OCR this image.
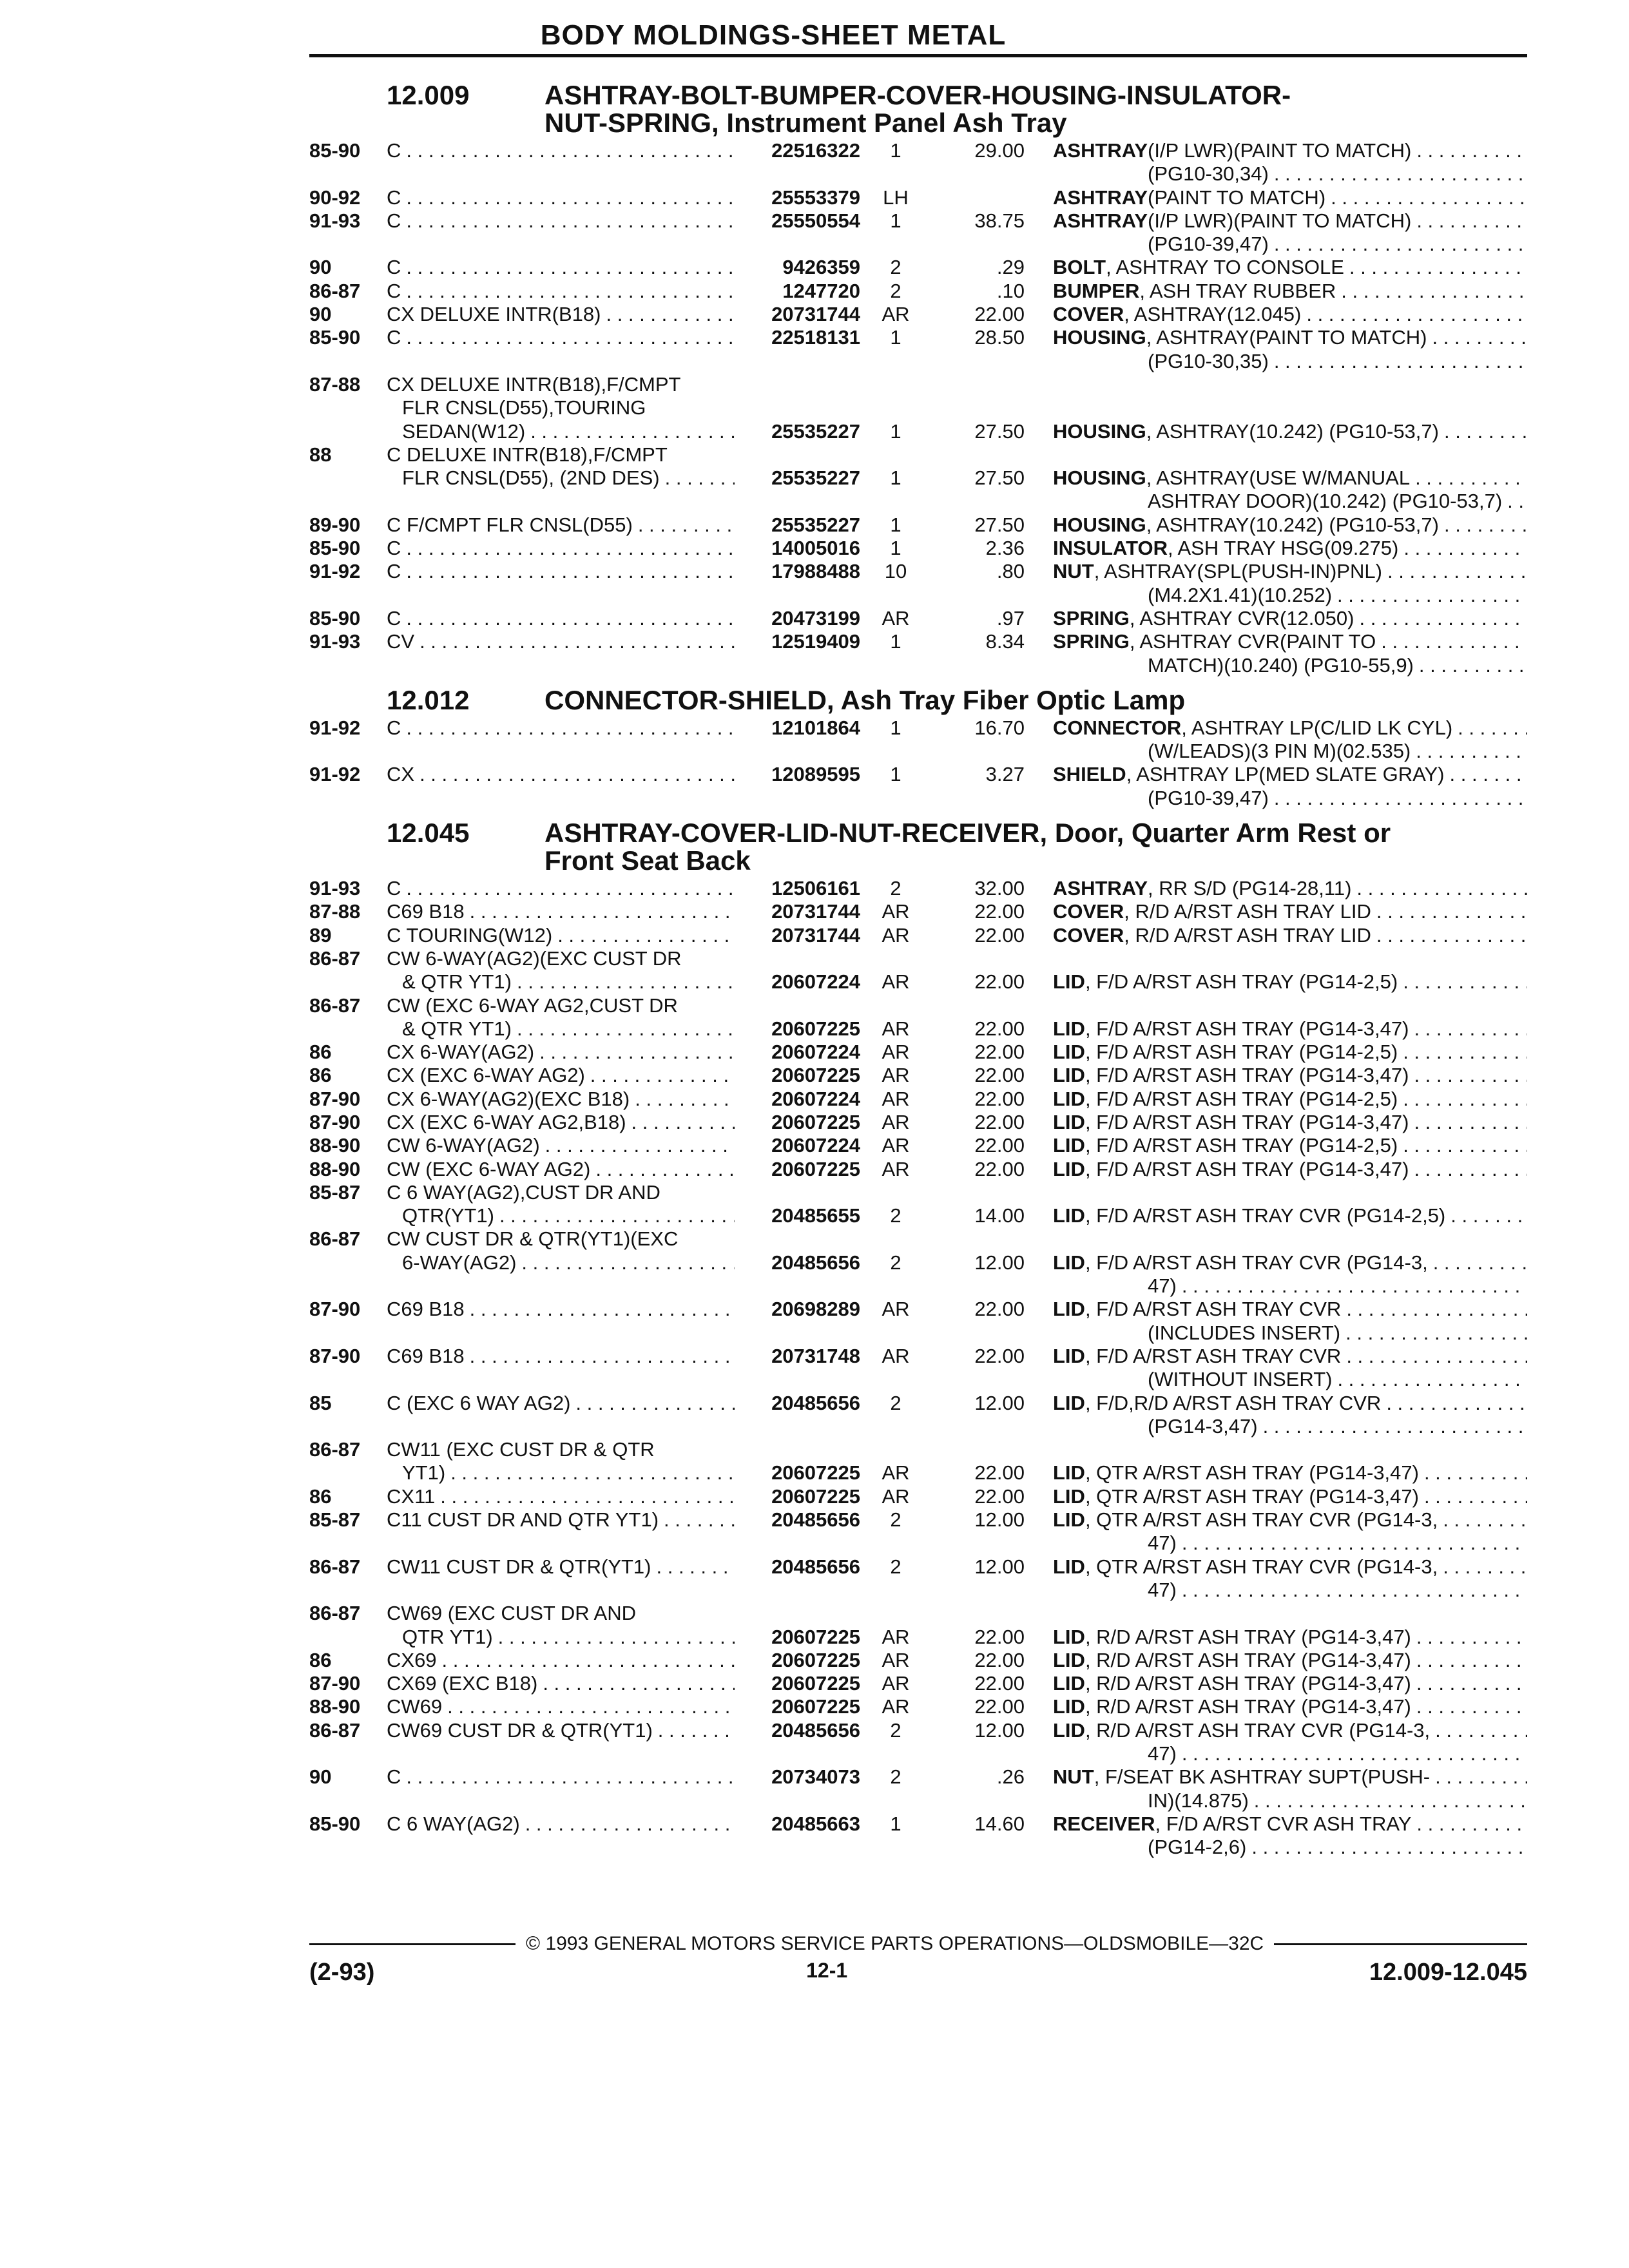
BODY MOLDINGS-SHEET METAL
12.009	ASHTRAY-BOLT-BUMPER-COVER-HOUSING-INSULATOR-
NUT-SPRING, Instrument Panel Ash Tray
85-90	C . . .	22516322	1	29.00 ASHTRAY(I/P LWR)(PAINT TO MATCH)
. . .
(PG10-30,34)
. . .
90-92	C . . .	25553379	LH	ASHTRAY(PAINT TO MATCH)
. . .
91-93	C . . .	25550554	1	38.75 ASHTRAY(I/P LWR)(PAINT TO MATCH)
. . .
(PG10-39,47)
. . .
90	C . . .	9426359	2	.29 BOLT, ASHTRAY TO CONSOLE
. . .
86-87	C . . .	1247720	2	.10 BUMPER, ASH TRAY RUBBER
. . .
90	CX DELUXE INTR(B18) . . .	20731744	AR	22.00 COVER, ASHTRAY(12.045)
. . .
85-90	C . . .	22518131	1	28.50 HOUSING, ASHTRAY(PAINT TO MATCH)
. . .
(PG10-30,35)
. . .
87-88	CX DELUXE INTR(B18),F/CMPT
FLR CNSL(D55),TOURING
SEDAN(W12) . . .	25535227	1	27.50 HOUSING, ASHTRAY(10.242) (PG10-53,7)
. . .
88	C DELUXE INTR(B18),F/CMPT
FLR CNSL(D55), (2ND DES) . . .	25535227	1	27.50 HOUSING, ASHTRAY(USE W/MANUAL
. . .
ASHTRAY DOOR)(10.242) (PG10-53,7)
. . .
89-90	C F/CMPT FLR CNSL(D55) . . .	25535227	1	27.50 HOUSING, ASHTRAY(10.242) (PG10-53,7)
. . .
85-90	C . . .	14005016	1	2.36 INSULATOR, ASH TRAY HSG(09.275)
. . .
91-92	C . . .	17988488	10	.80 NUT, ASHTRAY(SPL(PUSH-IN)PNL)
. . .
(M4.2X1.41)(10.252)
. . .
85-90	C . . .	20473199	AR	.97 SPRING, ASHTRAY CVR(12.050)
. . .
91-93	CV . . .	12519409	1	8.34 SPRING, ASHTRAY CVR(PAINT TO
. . .
MATCH)(10.240) (PG10-55,9)
. . .
12.012	CONNECTOR-SHIELD, Ash Tray Fiber Optic Lamp
91-92	C . . .	12101864	1	16.70 CONNECTOR, ASHTRAY LP(C/LID LK CYL)
. . .
(W/LEADS)(3 PIN M)(02.535)
. . .
91-92	CX . . .	12089595	1	3.27 SHIELD, ASHTRAY LP(MED SLATE GRAY)
. . .
(PG10-39,47)
. . .
12.045	ASHTRAY-COVER-LID-NUT-RECEIVER, Door, Quarter Arm Rest or
Front Seat Back
91-93	C . . .	12506161	2	32.00 ASHTRAY, RR S/D (PG14-28,11)
. . .
87-88	C69 B18 . . .	20731744	AR	22.00 COVER, R/D A/RST ASH TRAY LID
. . .
89	C TOURING(W12) . . .	20731744	AR	22.00 COVER, R/D A/RST ASH TRAY LID
. . .
86-87	CW 6-WAY(AG2)(EXC CUST DR
& QTR YT1) . . .	20607224	AR	22.00 LID, F/D A/RST ASH TRAY (PG14-2,5)
. . .
86-87	CW (EXC 6-WAY AG2,CUST DR
& QTR YT1) . . .	20607225	AR	22.00 LID, F/D A/RST ASH TRAY (PG14-3,47)
. . .
86	CX 6-WAY(AG2) . . .	20607224	AR	22.00 LID, F/D A/RST ASH TRAY (PG14-2,5)
. . .
86	CX (EXC 6-WAY AG2) . . .	20607225	AR	22.00 LID, F/D A/RST ASH TRAY (PG14-3,47)
. . .
87-90	CX 6-WAY(AG2)(EXC B18) . . .	20607224	AR	22.00 LID, F/D A/RST ASH TRAY (PG14-2,5)
. . .
87-90	CX (EXC 6-WAY AG2,B18) . . .	20607225	AR	22.00 LID, F/D A/RST ASH TRAY (PG14-3,47)
. . .
88-90	CW 6-WAY(AG2) . . .	20607224	AR	22.00 LID, F/D A/RST ASH TRAY (PG14-2,5)
. . .
88-90	CW (EXC 6-WAY AG2) . . .	20607225	AR	22.00 LID, F/D A/RST ASH TRAY (PG14-3,47)
. . .
85-87	C 6 WAY(AG2),CUST DR AND
QTR(YT1) . . .	20485655	2	14.00 LID, F/D A/RST ASH TRAY CVR (PG14-2,5)
. . .
86-87	CW CUST DR & QTR(YT1)(EXC
6-WAY(AG2) . . .	20485656	2	12.00 LID, F/D A/RST ASH TRAY CVR (PG14-3,
. . .
47)
. . .
87-90	C69 B18 . . .	20698289	AR	22.00 LID, F/D A/RST ASH TRAY CVR
. . .
(INCLUDES INSERT)
. . .
87-90	C69 B18 . . .	20731748	AR	22.00 LID, F/D A/RST ASH TRAY CVR
. . .
(WITHOUT INSERT)
. . .
85	C (EXC 6 WAY AG2) . . .	20485656	2	12.00 LID, F/D,R/D A/RST ASH TRAY CVR
. . .
(PG14-3,47)
. . .
86-87	CW11 (EXC CUST DR & QTR
YT1) . . .	20607225	AR	22.00 LID, QTR A/RST ASH TRAY (PG14-3,47)
. . .
86	CX11 . . .	20607225	AR	22.00 LID, QTR A/RST ASH TRAY (PG14-3,47)
. . .
85-87	C11 CUST DR AND QTR YT1) . . .	20485656	2	12.00 LID, QTR A/RST ASH TRAY CVR (PG14-3,
. . .
47)
. . .
86-87	CW11 CUST DR & QTR(YT1) . . .	20485656	2	12.00 LID, QTR A/RST ASH TRAY CVR (PG14-3,
. . .
47)
. . .
86-87	CW69 (EXC CUST DR AND
QTR YT1) . . .	20607225	AR	22.00 LID, R/D A/RST ASH TRAY (PG14-3,47)
. . .
86	CX69 . . .	20607225	AR	22.00 LID, R/D A/RST ASH TRAY (PG14-3,47)
. . .
87-90	CX69 (EXC B18) . . .	20607225	AR	22.00 LID, R/D A/RST ASH TRAY (PG14-3,47)
. . .
88-90	CW69 . . .	20607225	AR	22.00 LID, R/D A/RST ASH TRAY (PG14-3,47)
. . .
86-87	CW69 CUST DR & QTR(YT1) . . .	20485656	2	12.00 LID, R/D A/RST ASH TRAY CVR (PG14-3,
. . .
47)
. . .
90	C . . .	20734073	2	.26 NUT, F/SEAT BK ASHTRAY SUPT(PUSH-
. . .
IN)(14.875)
. . .
85-90	C 6 WAY(AG2) . . .	20485663	1	14.60 RECEIVER, F/D A/RST CVR ASH TRAY
. . .
(PG14-2,6)
. . .
© 1993 GENERAL MOTORS SERVICE PARTS OPERATIONS—OLDSMOBILE—32C
(2-93)	12-1	12.009-12.045
